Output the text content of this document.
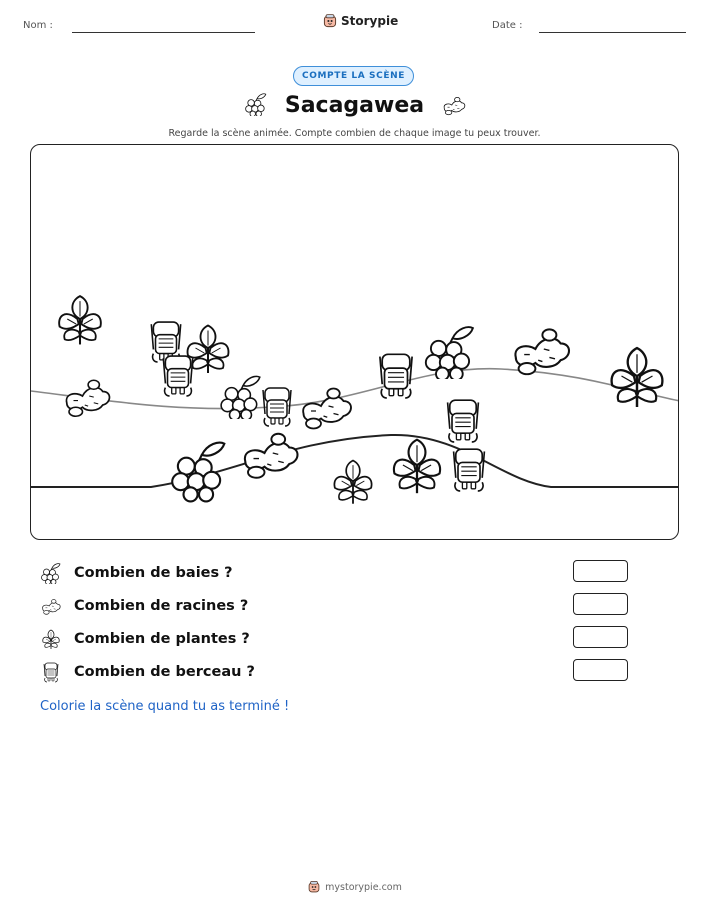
Nom :	Storypie	Date :
COMPTE LA SCÈNE
Sacagawea
Regarde la scène animée. Compte combien de chaque image tu peux trouver.
Combien de baies ?
Combien de racines ?
Combien de plantes ?
Combien de berceau ?
Colorie la scène quand tu as terminé !
mystorypie.com
